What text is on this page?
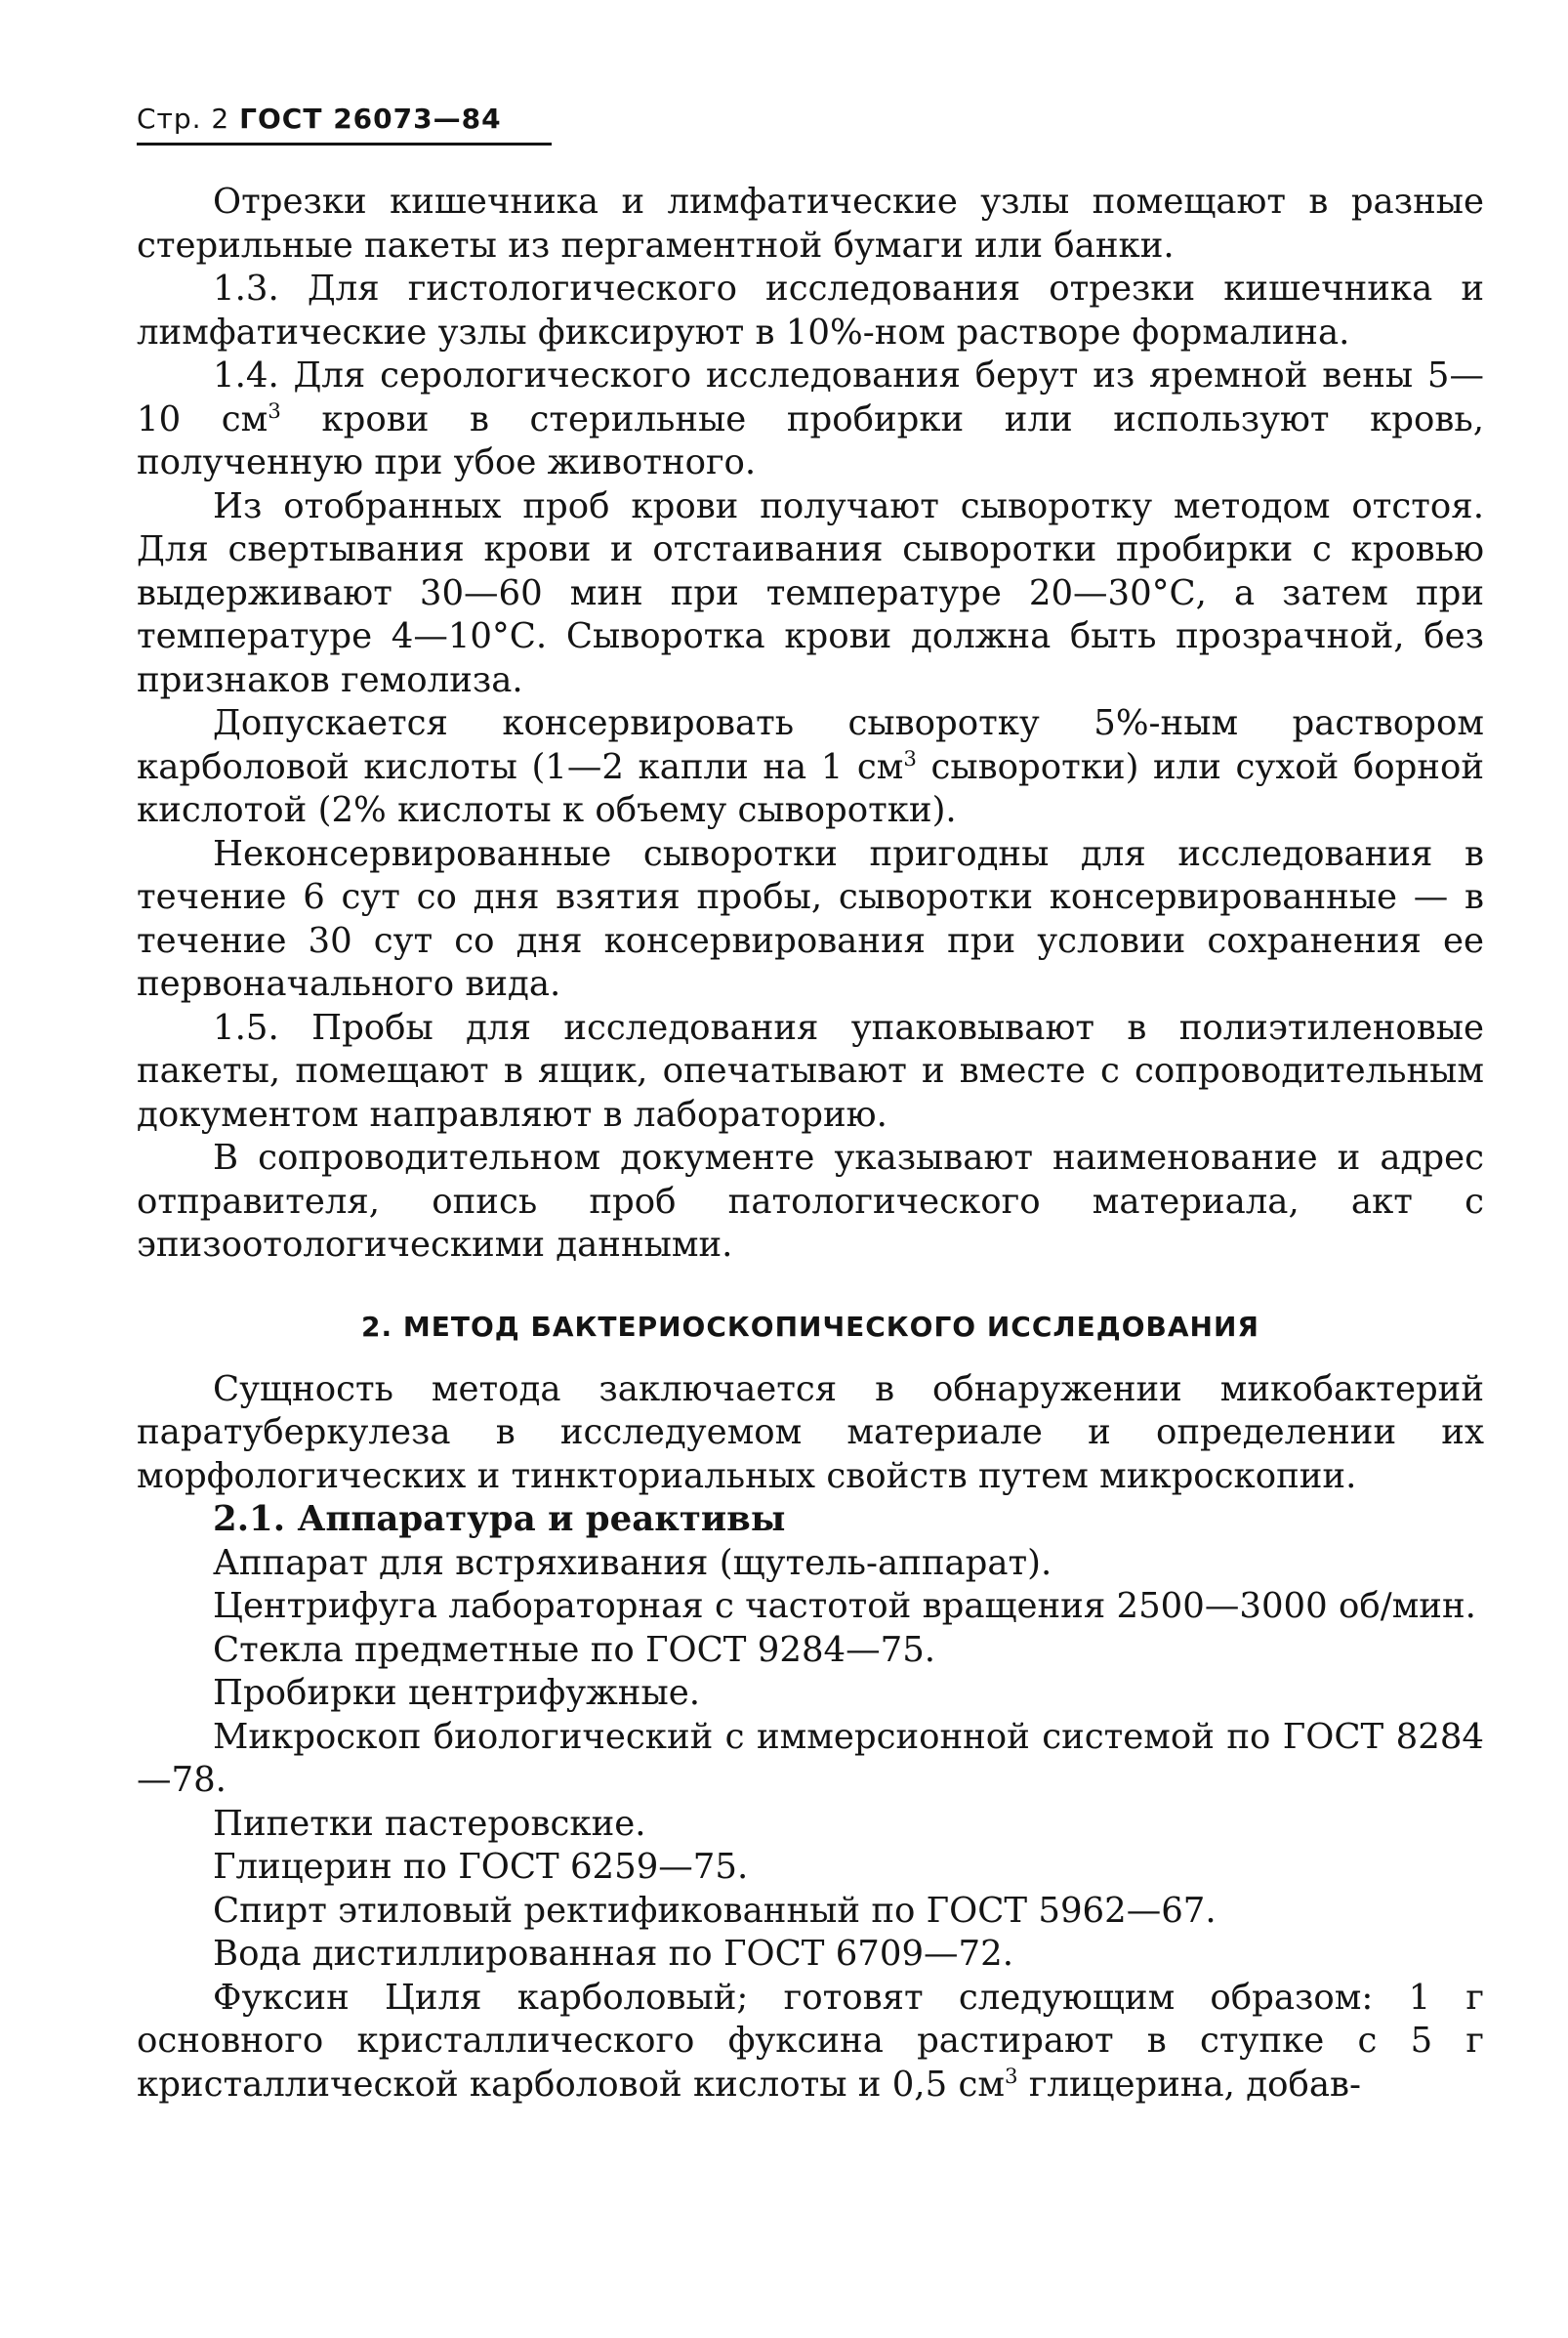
Стр. 2 ГОСТ 26073—84

Отрезки кишечника и лимфатические узлы помещают в разные стерильные пакеты из пергаментной бумаги или банки.

1.3. Для гистологического исследования отрезки кишечника и лимфатические узлы фиксируют в 10%-ном растворе формалина.

1.4. Для серологического исследования берут из яремной вены 5—10 $см^3$ крови в стерильные пробирки или используют кровь, полученную при убое животного.

Из отобранных проб крови получают сыворотку методом отстоя. Для свертывания крови и отстаивания сыворотки пробирки с кровью выдерживают 30—60 мин при температуре 20—30°С, а затем при температуре 4—10°С. Сыворотка крови должна быть прозрачной, без признаков гемолиза.

Допускается консервировать сыворотку 5%-ным раствором карболовой кислоты (1—2 капли на 1 $см^3$ сыворотки) или сухой борной кислотой (2% кислоты к объему сыворотки).

Неконсервированные сыворотки пригодны для исследования в течение 6 сут со дня взятия пробы, сыворотки консервированные — в течение 30 сут со дня консервирования при условии сохранения ее первоначального вида.

1.5. Пробы для исследования упаковывают в полиэтиленовые пакеты, помещают в ящик, опечатывают и вместе с сопроводительным документом направляют в лабораторию.

В сопроводительном документе указывают наименование и адрес отправителя, опись проб патологического материала, акт с эпизоотологическими данными.

2. МЕТОД БАКТЕРИОСКОПИЧЕСКОГО ИССЛЕДОВАНИЯ

Сущность метода заключается в обнаружении микобактерий паратуберкулеза в исследуемом материале и определении их морфологических и тинкториальных свойств путем микроскопии.

2.1. Аппаратура и реактивы

Аппарат для встряхивания (щутель-аппарат).

Центрифуга лабораторная с частотой вращения 2500—3000 об/мин.

Стекла предметные по ГОСТ 9284—75.

Пробирки центрифужные.

Микроскоп биологический с иммерсионной системой по ГОСТ 8284—78.

Пипетки пастеровские.

Глицерин по ГОСТ 6259—75.

Спирт этиловый ректификованный по ГОСТ 5962—67.

Вода дистиллированная по ГОСТ 6709—72.

Фуксин Циля карболовый; готовят следующим образом: 1 г основного кристаллического фуксина растирают в ступке с 5 г кристаллической карболовой кислоты и 0,5 $см^3$ глицерина, добав-
